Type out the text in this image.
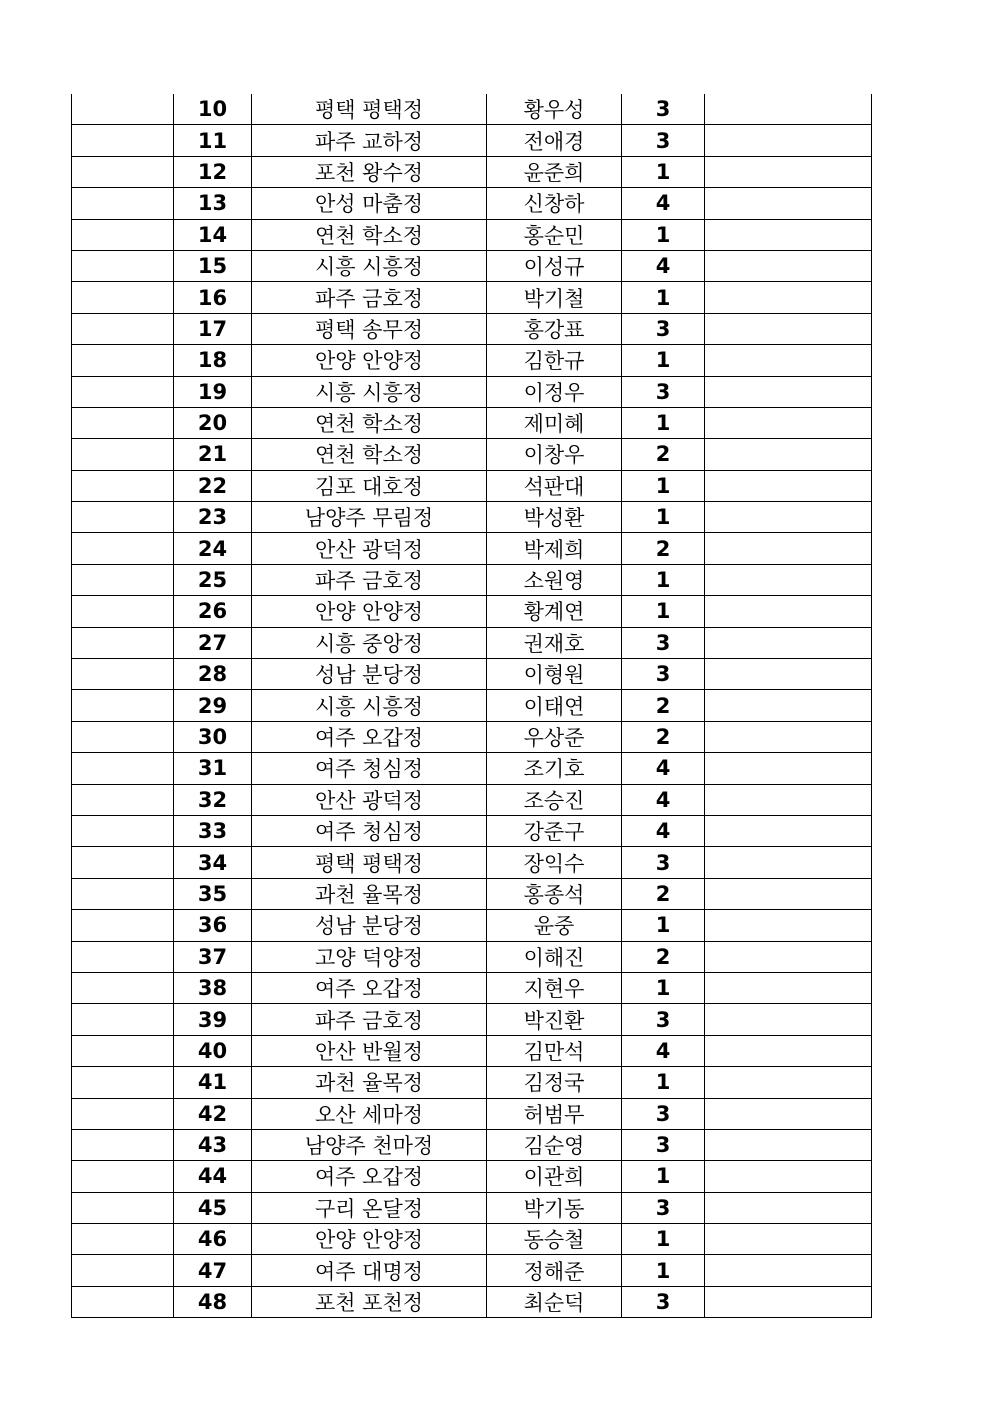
	10	평택 평택정	황우성	3	
	11	파주 교하정	전애경	3	
	12	포천 왕수정	윤준희	1	
	13	안성 마춤정	신창하	4	
	14	연천 학소정	홍순민	1	
	15	시흥 시흥정	이성규	4	
	16	파주 금호정	박기철	1	
	17	평택 송무정	홍강표	3	
	18	안양 안양정	김한규	1	
	19	시흥 시흥정	이정우	3	
	20	연천 학소정	제미혜	1	
	21	연천 학소정	이창우	2	
	22	김포 대호정	석판대	1	
	23	남양주 무림정	박성환	1	
	24	안산 광덕정	박제희	2	
	25	파주 금호정	소원영	1	
	26	안양 안양정	황계연	1	
	27	시흥 중앙정	권재호	3	
	28	성남 분당정	이형원	3	
	29	시흥 시흥정	이태연	2	
	30	여주 오갑정	우상준	2	
	31	여주 청심정	조기호	4	
	32	안산 광덕정	조승진	4	
	33	여주 청심정	강준구	4	
	34	평택 평택정	장익수	3	
	35	과천 율목정	홍종석	2	
	36	성남 분당정	윤중	1	
	37	고양 덕양정	이해진	2	
	38	여주 오갑정	지현우	1	
	39	파주 금호정	박진환	3	
	40	안산 반월정	김만석	4	
	41	과천 율목정	김정국	1	
	42	오산 세마정	허범무	3	
	43	남양주 천마정	김순영	3	
	44	여주 오갑정	이관희	1	
	45	구리 온달정	박기동	3	
	46	안양 안양정	동승철	1	
	47	여주 대명정	정해준	1	
	48	포천 포천정	최순덕	3	
